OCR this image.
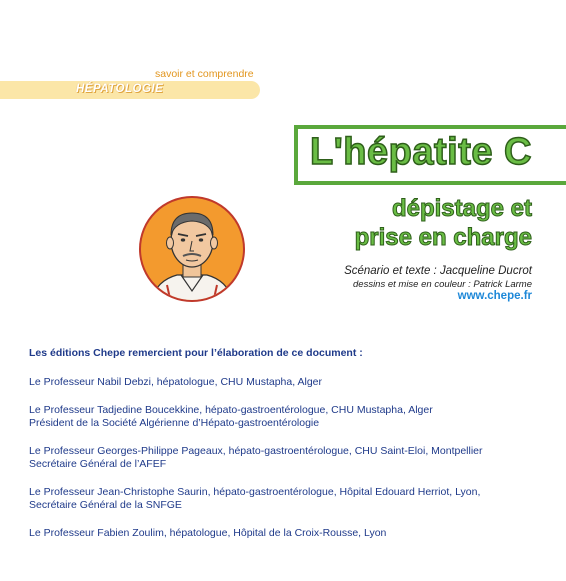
savoir et comprendre
HÉPATOLOGIE
L'hépatite C
dépistage et
prise en charge
Scénario et texte : Jacqueline Ducrot
dessins et mise en couleur : Patrick Larme
www.chepe.fr
Les éditions Chepe remercient pour l’élaboration de ce document :
Le Professeur Nabil Debzi, hépatologue, CHU Mustapha, Alger
Le Professeur Tadjedine Boucekkine, hépato-gastroentérologue, CHU Mustapha, Alger
Président de la Société Algérienne d’Hépato-gastroentérologie
Le Professeur Georges-Philippe Pageaux, hépato-gastroentérologue, CHU Saint-Eloi, Montpellier
Secrétaire Général de l’AFEF
Le Professeur Jean-Christophe Saurin, hépato-gastroentérologue, Hôpital Edouard Herriot, Lyon,
Secrétaire Général de la SNFGE
Le Professeur Fabien Zoulim, hépatologue, Hôpital de la Croix-Rousse, Lyon
